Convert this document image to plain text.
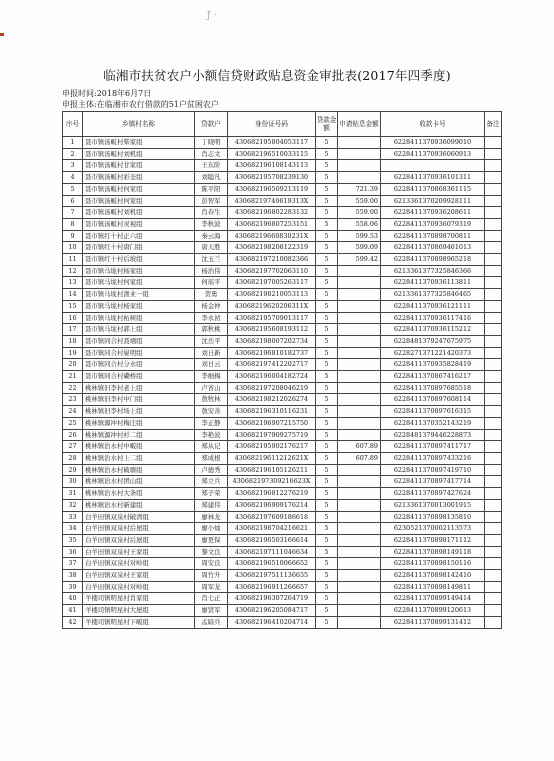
ƒ ·
临湘市扶贫农户小额信贷财政贴息资金审批表(2017年四季度)
申报时间:2018年6月7日
申报主体:在临湘市农行借款的51户贫困农户
序号	乡镇村名称	贷款户	身份证号码	贷款金额	申请贴息金额	收款卡号	备注
1	聂市镇汤畈村柴家组	丁晓明	430682195804053117	5		6228411370936099010	
2	聂市镇汤畈村刘机组	肖志文	430682196510033115	5		6228411370936060913	
3	聂市镇汤畈村甘家组	王东阶	430682196108143113	5			
4	聂市镇汤畈村彩奎组	刘聪凡	430682195708239130	5		6228411370936101311	
5	聂市镇汤畈村何家组	陈平阳	430682196509213119	5	721.39	6228411370868361115	
6	聂市镇汤畈村何家组	彭智军	43068219740619313X	5	559.00	6213361370209928111	
7	聂市镇汤畈村刘机组	肖春生	430682196802283132	5	559.00	6228411370936208611	
8	聂市镇汤畈村灵视组	李秋波	430682196807253151	5	558.06	6228411370936079319	
9	聂市镇红十村正六组	秦云海	43068219660830231X	5	599.53	6228411370898700811	
10	聂市镇红十村唐门组	唐天胜	430682198208122319	5	599.09	6228411370869461013	
11	聂市镇红十村后坡组	沈玉兰	430682197210082366	5	599.42	6228411370898965218	
12	聂市镇马垅村杨家组	杨治伟	430682197702063110	5		6213361377325846366	
13	聂市镇马垅村何家组	何瑶平	430682197005263117	5		6228411370936113811	
14	聂市镇马垅村渔业一组	贺勇	430682198210053113	5		6213361377325846465	
15	聂市镇马垅村杨家组	杨金仲	43068219620206311X	5		6228411370936121111	
16	聂市镇马垅村柘树组	李永初	430682195709013117	5		6228411370936117416	
17	聂市镇马垅村郭上组	郭秋桃	430682195608193112	5		6228411370936115212	
18	聂市镇同合村聂埇组	沈岳平	430682198007202734	5		6228481379247675975	
19	聂市镇同合村晏明组	刘日新	430682196810182737	5		6228271371221420373	
20	聂市镇同合村分水组	刘日云	430682197412202717	5		6228411370935828419	
21	聂市镇同合村磡桥组	李细梅	430682196004182724	5		6228411370867416217	
22	桃林镇旧李村老上组	卢省山	430682197208046219	5		6228411370897685518	
23	桃林镇旧李村中门组	敖牧林	430682198212026274	5		6228411370897608114	
24	桃林镇旧李村场上组	敖安善	430682196310116231	5		6228411370897616315	
25	桃林镇源冲村梅庄组	李正静	430682196907215750	5		6228411370352143219	
26	桃林镇源冲村杉二组	李艳波	430682197909275719	5		6228481379446228873	
27	桃林镇治水村中畈组	郑从记	430682195902176217	5	607.89	6228411370897411717	
28	桃林镇治水村上二组	郑成根	43068219611212621X	5	607.89	6228411370897433216	
29	桃林镇治水村破塘组	卢德秀	430682196105126211	5		6228411370897419710	
30	桃林镇治水村团山组	郑立兵	430682197309216623X	5		6228411370897417714	
31	桃林镇治水村大条组	郑子荣	430682196812276219	5		6228411370897427624	
32	桃林镇治水村新建组	郑建伟	430682196909176214	5		6213361370013001915	
33	白羊田镇双泉村破湾组	廖林龙	430682197609186618	5		6228411370898135810	
34	白羊田镇双泉村后屋组	廖小灿	430682198704216621	5		6230521370002113573	
35	白羊田镇双泉村后屋组	廖更保	430682196503166614	5		6228411370898171112	
36	白羊田镇双泉村王家组	黎文良	430682197111046634	5		6228411370898149118	
37	白羊田镇双泉村对岭组	周安良	430682196510066652	5		6228411370898150116	
38	白羊田镇双泉村王家组	周竹升	430682197511136655	5		6228411370898142410	
39	白羊田镇双泉村对岭组	周军龙	430682196911266657	5		6228411370898149811	
40	羊楼司镇明星村肖家组	肖七正	430682196307264719	5		6228411370899149414	
41	羊楼司镇明星村大屋组	廖贤军	430682196205084717	5		6228411370899120613	
42	羊楼司镇明星村下畈组	孟暗兵	430682196410204714	5		6228411370899131412	
